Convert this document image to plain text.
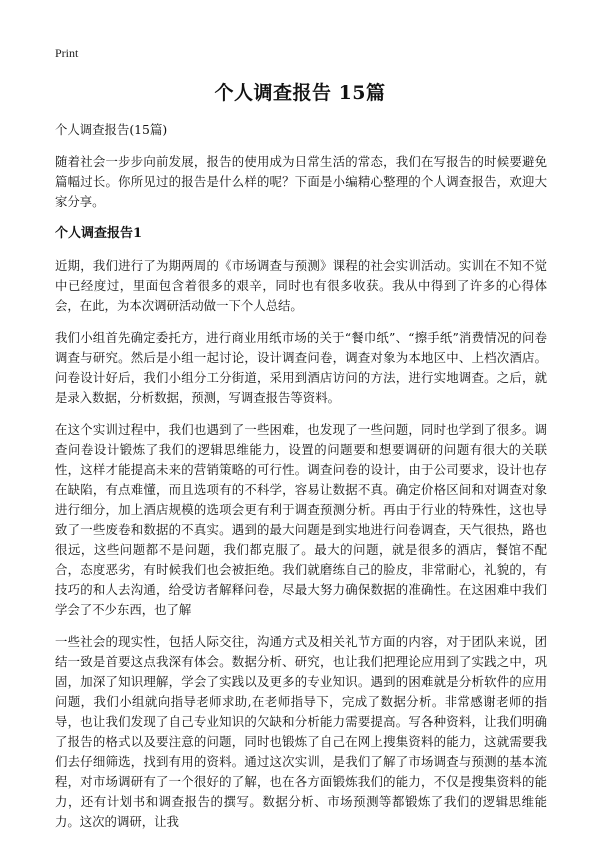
Print
个人调查报告 15篇

个人调查报告(15篇)

随着社会一步步向前发展，报告的使用成为日常生活的常态，我们在写报告的时候要避免篇幅过长。你所见过的报告是什么样的呢？下面是小编精心整理的个人调查报告，欢迎大家分享。

个人调查报告1

近期，我们进行了为期两周的《市场调查与预测》课程的社会实训活动。实训在不知不觉中已经度过，里面包含着很多的艰辛，同时也有很多收获。我从中得到了许多的心得体会，在此，为本次调研活动做一下个人总结。

我们小组首先确定委托方，进行商业用纸市场的关于“餐巾纸”、“擦手纸”消费情况的问卷调查与研究。然后是小组一起讨论，设计调查问卷，调查对象为本地区中、上档次酒店。问卷设计好后，我们小组分工分街道，采用到酒店访问的方法，进行实地调查。之后，就是录入数据，分析数据，预测，写调查报告等资料。

在这个实训过程中，我们也遇到了一些困难，也发现了一些问题，同时也学到了很多。调查问卷设计锻炼了我们的逻辑思维能力，设置的问题要和想要调研的问题有很大的关联性，这样才能提高未来的营销策略的可行性。调查问卷的设计，由于公司要求，设计也存在缺陷，有点难懂，而且选项有的不科学，容易让数据不真。确定价格区间和对调查对象进行细分，加上酒店规模的选项会更有利于调查预测分析。再由于行业的特殊性，这也导致了一些废卷和数据的不真实。遇到的最大问题是到实地进行问卷调查，天气很热，路也很远，这些问题都不是问题，我们都克服了。最大的问题，就是很多的酒店，餐馆不配合，态度恶劣，有时候我们也会被拒绝。我们就磨练自己的脸皮，非常耐心，礼貌的，有技巧的和人去沟通，给受访者解释问卷，尽最大努力确保数据的准确性。在这困难中我们学会了不少东西，也了解

一些社会的现实性，包括人际交往，沟通方式及相关礼节方面的内容，对于团队来说，团结一致是首要这点我深有体会。数据分析、研究，也让我们把理论应用到了实践之中，巩固，加深了知识理解，学会了实践以及更多的专业知识。遇到的困难就是分析软件的应用问题，我们小组就向指导老师求助,在老师指导下，完成了数据分析。非常感谢老师的指导，也让我们发现了自己专业知识的欠缺和分析能力需要提高。写各种资料，让我们明确了报告的格式以及要注意的问题，同时也锻炼了自己在网上搜集资料的能力，这就需要我们去仔细筛选，找到有用的资料。通过这次实训，是我们了解了市场调查与预测的基本流程，对市场调研有了一个很好的了解，也在各方面锻炼我们的能力，不仅是搜集资料的能力，还有计划书和调查报告的撰写。数据分析、市场预测等都锻炼了我们的逻辑思维能力。这次的调研，让我
